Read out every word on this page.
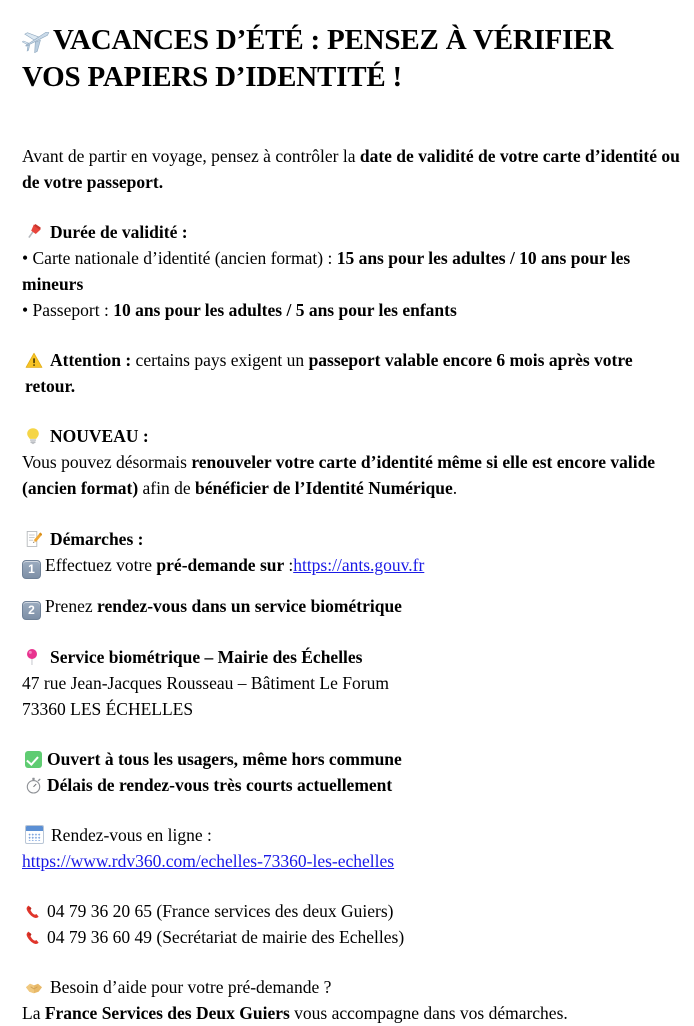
VACANCES D’ÉTÉ : PENSEZ À VÉRIFIER
VOS PAPIERS D’IDENTITÉ !

Avant de partir en voyage, pensez à contrôler la date de validité de votre carte d’identité ou de votre passeport.

Durée de validité :

• Carte nationale d’identité (ancien format) : 15 ans pour les adultes / 10 ans pour les mineurs

• Passeport : 10 ans pour les adultes / 5 ans pour les enfants

Attention : certains pays exigent un passeport valable encore 6 mois après votre retour.

NOUVEAU :

Vous pouvez désormais renouveler votre carte d’identité même si elle est encore valide (ancien format) afin de bénéficier de l’Identité Numérique.

Démarches :

1 Effectuez votre pré-demande sur :https://ants.gouv.fr

2 Prenez rendez-vous dans un service biométrique

Service biométrique – Mairie des Échelles

47 rue Jean-Jacques Rousseau – Bâtiment Le Forum

73360 LES ÉCHELLES

Ouvert à tous les usagers, même hors commune

Délais de rendez-vous très courts actuellement

Rendez-vous en ligne :

https://www.rdv360.com/echelles-73360-les-echelles

04 79 36 20 65 (France services des deux Guiers)

04 79 36 60 49 (Secrétariat de mairie des Echelles)

Besoin d’aide pour votre pré-demande ?

La France Services des Deux Guiers vous accompagne dans vos démarches.
